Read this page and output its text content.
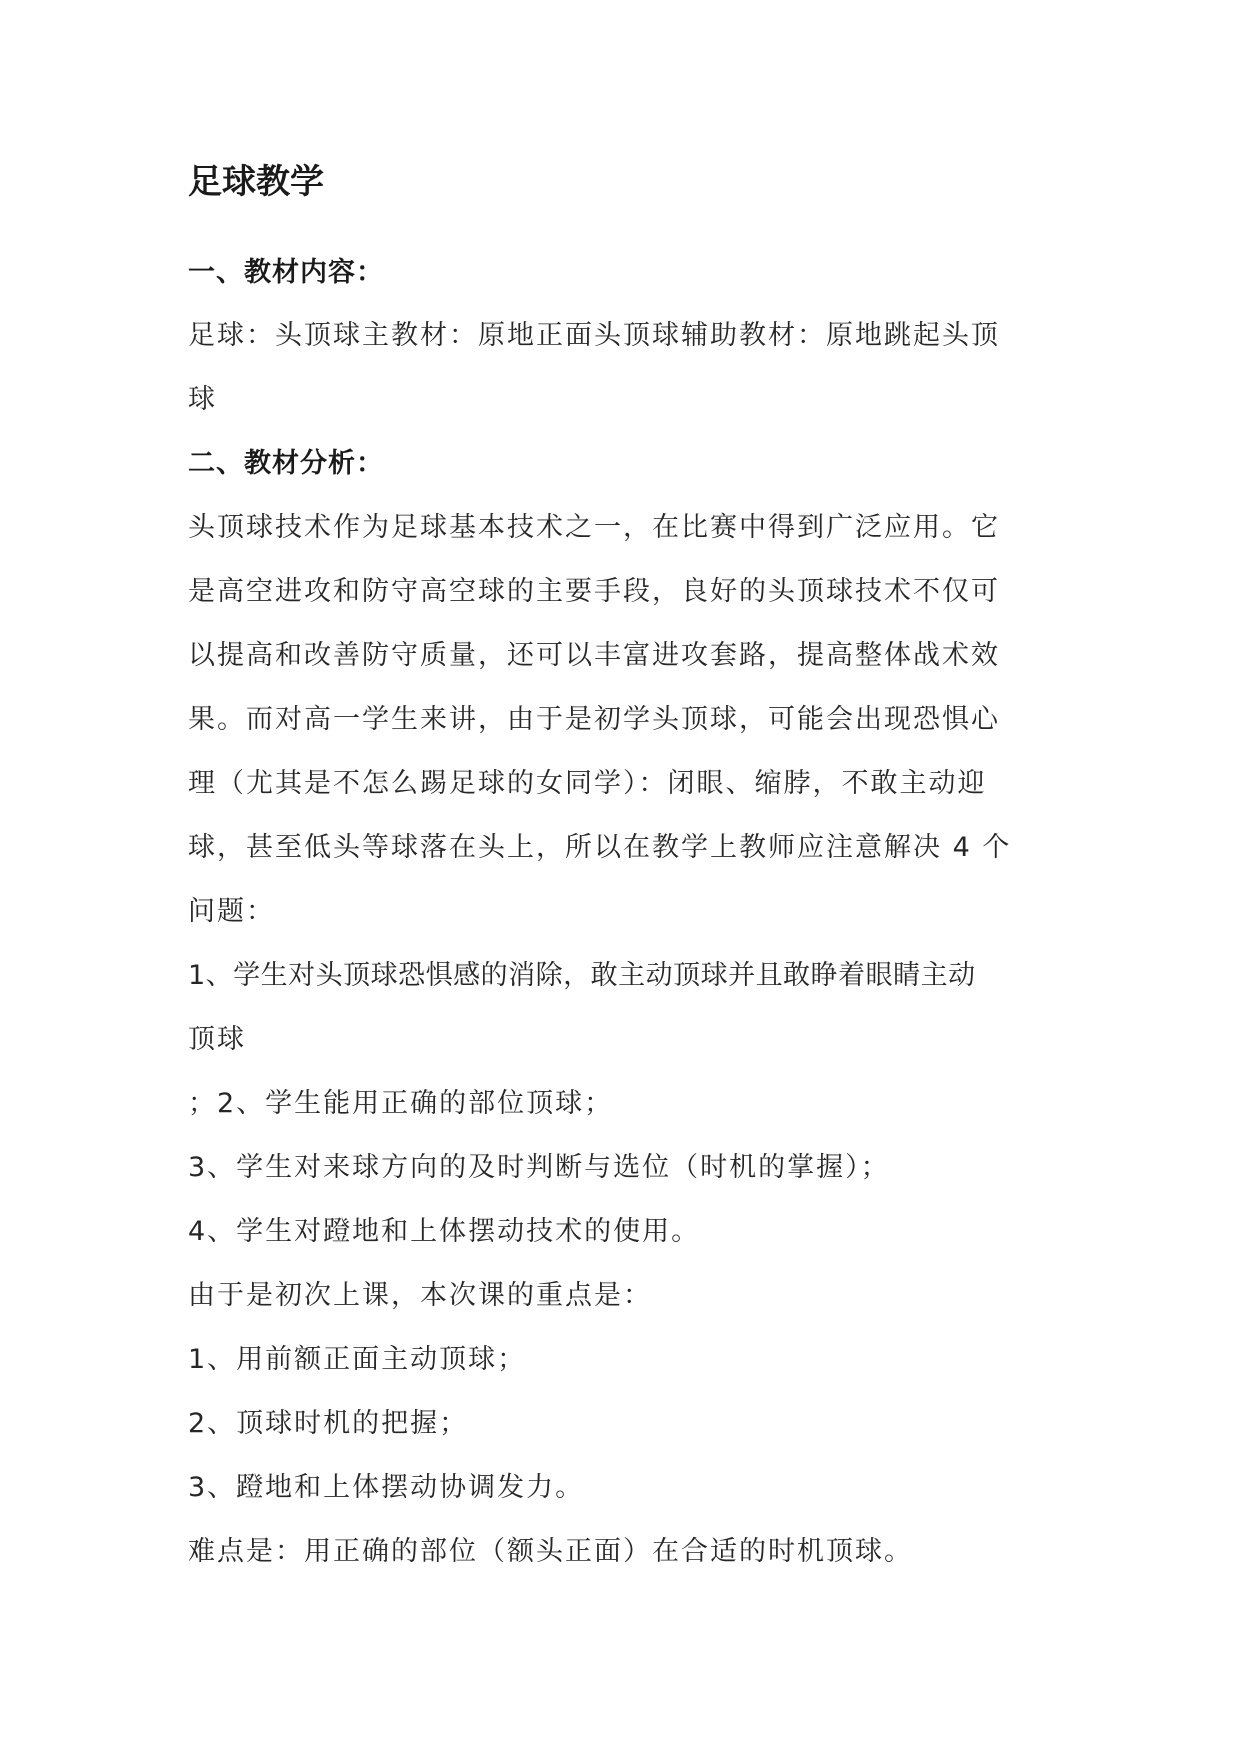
足球教学
一、教材内容：
足球：头顶球主教材：原地正面头顶球辅助教材：原地跳起头顶
球
二、教材分析：
头顶球技术作为足球基本技术之一，在比赛中得到广泛应用。它
是高空进攻和防守高空球的主要手段，良好的头顶球技术不仅可
以提高和改善防守质量，还可以丰富进攻套路，提高整体战术效
果。而对高一学生来讲，由于是初学头顶球，可能会出现恐惧心
理（尤其是不怎么踢足球的女同学）：闭眼、缩脖，不敢主动迎
球，甚至低头等球落在头上，所以在教学上教师应注意解决 4 个
问题：
1、学生对头顶球恐惧感的消除，敢主动顶球并且敢睁着眼睛主动
顶球
；2、学生能用正确的部位顶球；
3、学生对来球方向的及时判断与选位（时机的掌握）；
4、学生对蹬地和上体摆动技术的使用。
由于是初次上课，本次课的重点是：
1、用前额正面主动顶球；
2、顶球时机的把握；
3、蹬地和上体摆动协调发力。
难点是：用正确的部位（额头正面）在合适的时机顶球。
